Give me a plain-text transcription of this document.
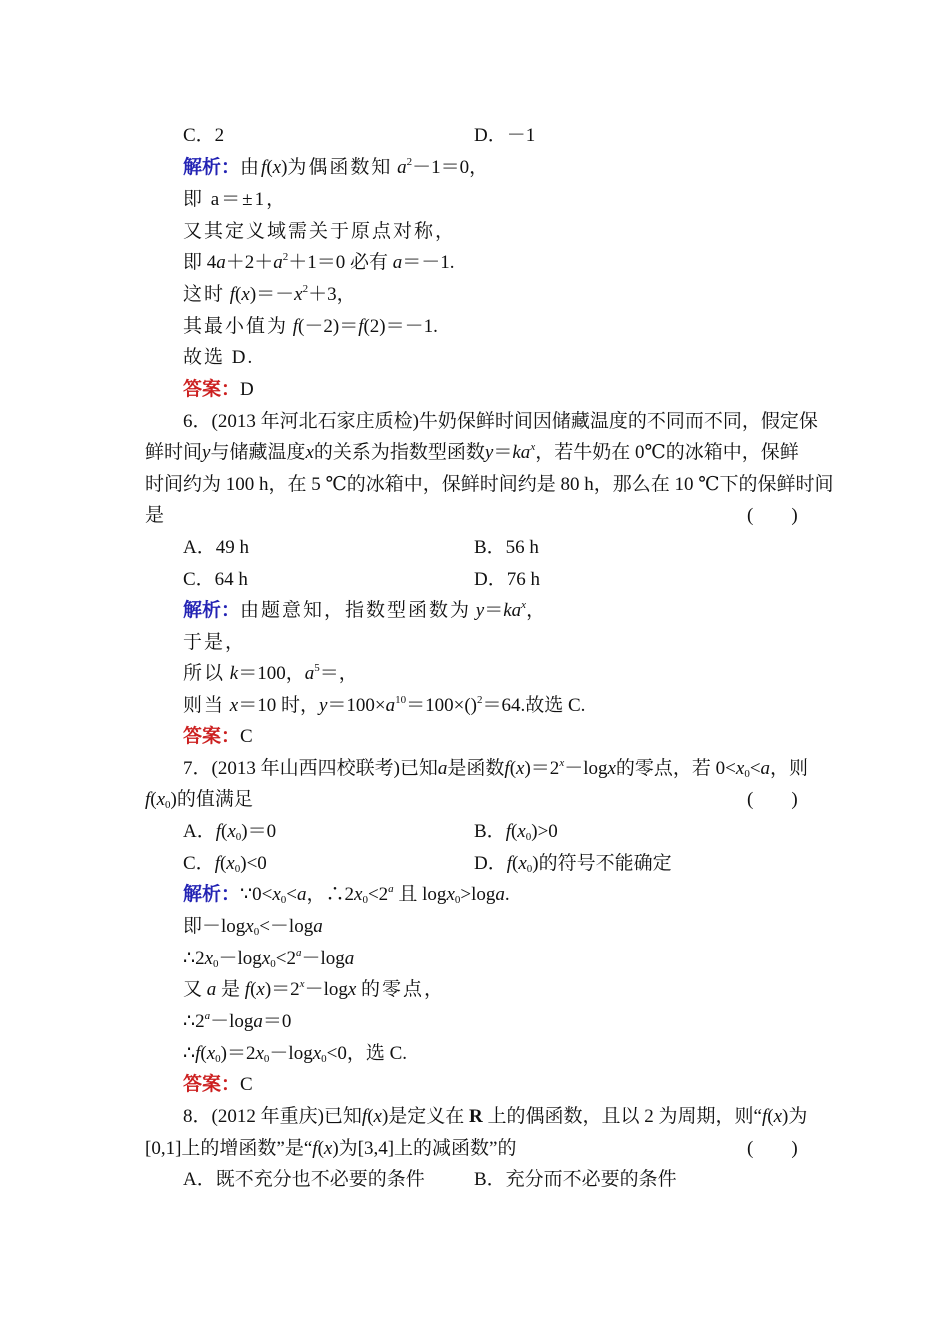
C．2	D．－1
解析：由f(x)为偶函数知 $a^2-1=0$，
即 a＝±1，
又其定义域需关于原点对称，
即 $4a+2+a^2+1=0$ 必有 a＝－1.
这时 $f(x)=-x^2+3$，
其最小值为 f(－2)＝f(2)＝－1.
故选 D.
答案：D
6．(2013 年河北石家庄质检)牛奶保鲜时间因储藏温度的不同而不同，假定保
鲜时间y与储藏温度x的关系为指数型函数$y=ka^x$，若牛奶在 0℃的冰箱中，保鲜
时间约为 100 h，在 5 ℃的冰箱中，保鲜时间约是 80 h，那么在 10 ℃下的保鲜时间
是	(　　)
A．49 h	B．56 h
C．64 h	D．76 h
解析：由题意知，指数型函数为 $y=ka^x$，
于是，
所以 k＝100，$a^5=$，
则当 x＝10 时，$y=100\times a^{10}=100\times()^2=64$.故选 C.
答案：C
7．(2013 年山西四校联考)已知a是函数$f(x)=2^x-\log x$的零点，若 $0<x_0<a$，则
$f(x_0)$的值满足	(　　)
A．$f(x_0)=0$	B．$f(x_0)>0$
C．$f(x_0)<0$	D．$f(x_0)$的符号不能确定
解析：$\because 0<x_0<a$，$\therefore 2x_0<2^a$ 且 logx$_0$>loga.
即－logx$_0$<－loga
$\therefore 2x_0-\log x_0<2^a-\log a$
又 a 是 $f(x)=2^x-\log x$ 的零点，
$\therefore 2^a-\log a=0$
$\therefore f(x_0)=2x_0-\log x_0<0$，选 C.
答案：C
8．(2012 年重庆)已知f(x)是定义在 R 上的偶函数，且以 2 为周期，则“f(x)为
[0,1]上的增函数”是“f(x)为[3,4]上的减函数”的	(　　)
A．既不充分也不必要的条件	B．充分而不必要的条件
